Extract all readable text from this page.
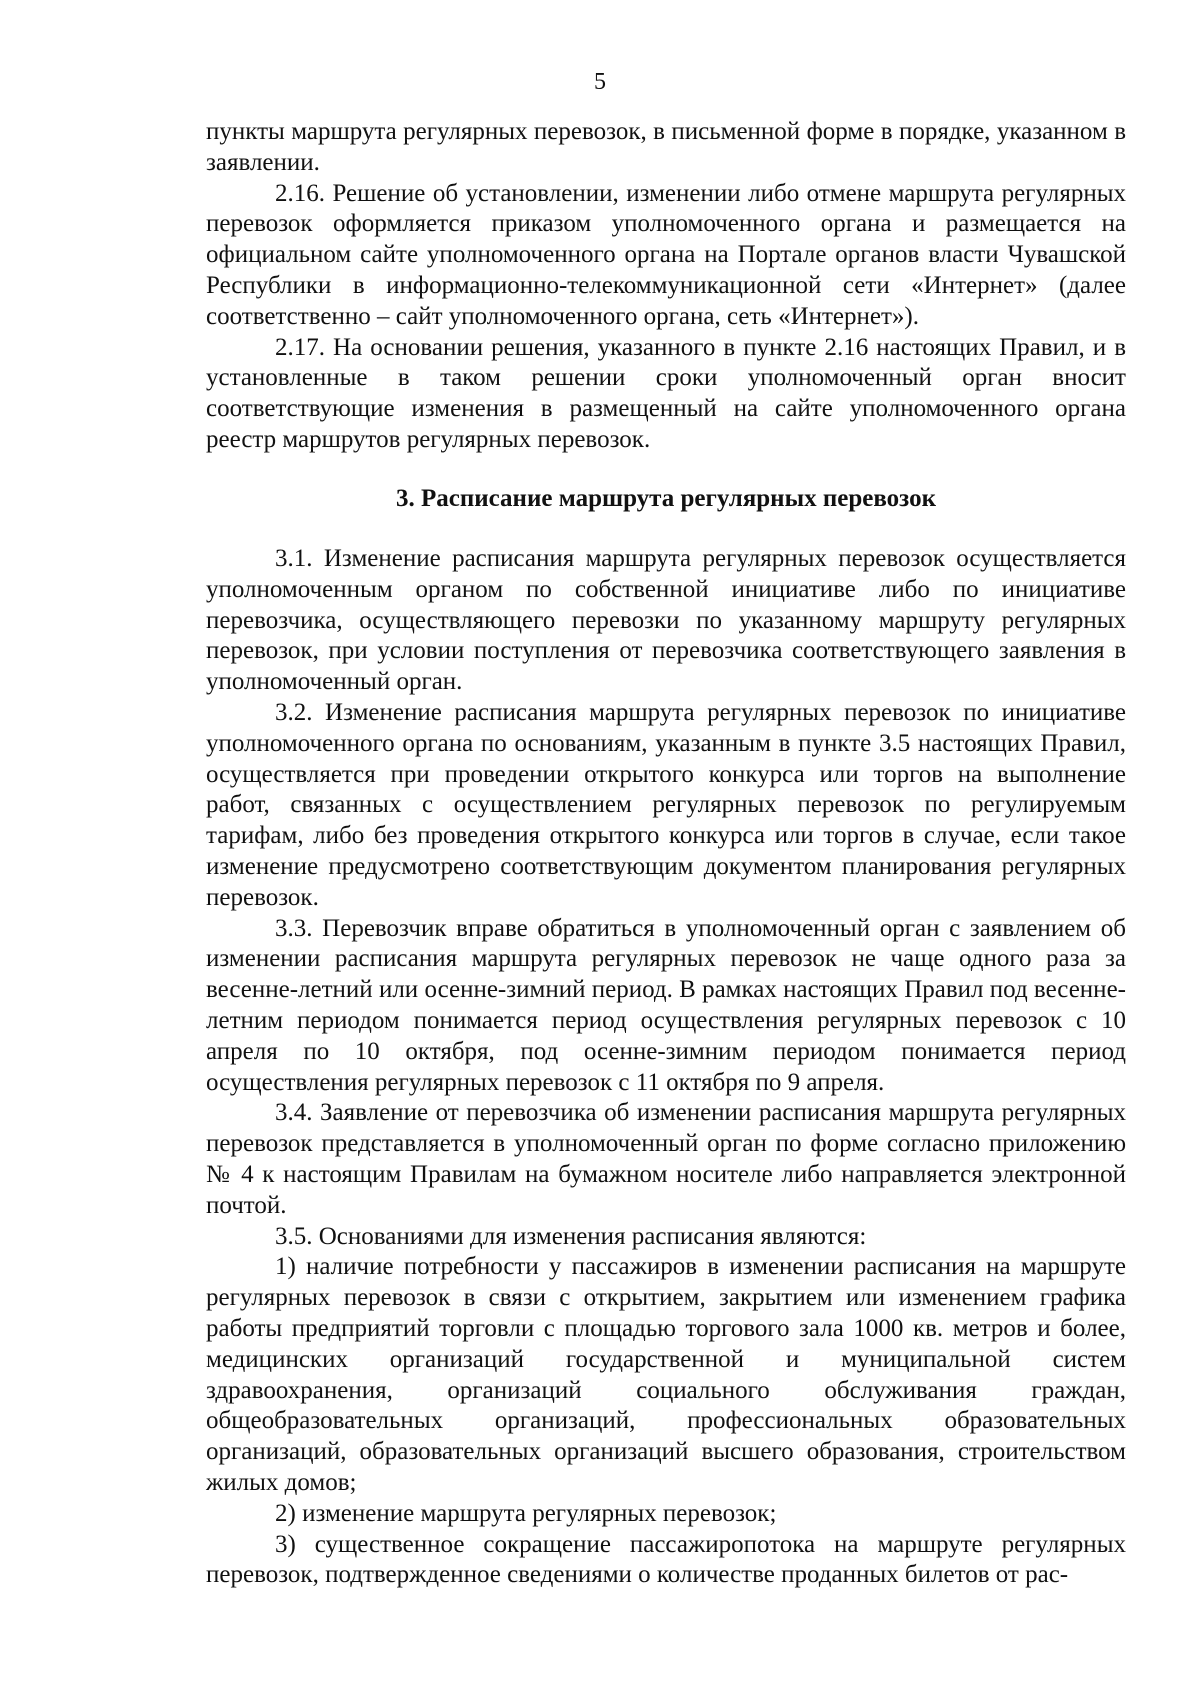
5

пункты маршрута регулярных перевозок, в письменной форме в порядке, указанном в заявлении.

2.16. Решение об установлении, изменении либо отмене маршрута регулярных перевозок оформляется приказом уполномоченного органа и размещается на официальном сайте уполномоченного органа на Портале органов власти Чувашской Республики в информационно-телекоммуникационной сети «Интернет» (далее соответственно – сайт уполномоченного органа, сеть «Интернет»).

2.17. На основании решения, указанного в пункте 2.16 настоящих Правил, и в установленные в таком решении сроки уполномоченный орган вносит соответствующие изменения в размещенный на сайте уполномоченного органа реестр маршрутов регулярных перевозок.

3. Расписание маршрута регулярных перевозок

3.1. Изменение расписания маршрута регулярных перевозок осуществляется уполномоченным органом по собственной инициативе либо по инициативе перевозчика, осуществляющего перевозки по указанному маршруту регулярных перевозок, при условии поступления от перевозчика соответствующего заявления в уполномоченный орган.

3.2. Изменение расписания маршрута регулярных перевозок по инициативе уполномоченного органа по основаниям, указанным в пункте 3.5 настоящих Правил, осуществляется при проведении открытого конкурса или торгов на выполнение работ, связанных с осуществлением регулярных перевозок по регулируемым тарифам, либо без проведения открытого конкурса или торгов в случае, если такое изменение предусмотрено соответствующим документом планирования регулярных перевозок.

3.3. Перевозчик вправе обратиться в уполномоченный орган с заявлением об изменении расписания маршрута регулярных перевозок не чаще одного раза за весенне-летний или осенне-зимний период. В рамках настоящих Правил под весенне-летним периодом понимается период осуществления регулярных перевозок с 10 апреля по 10 октября, под осенне-зимним периодом понимается период осуществления регулярных перевозок с 11 октября по 9 апреля.

3.4. Заявление от перевозчика об изменении расписания маршрута регулярных перевозок представляется в уполномоченный орган по форме согласно приложению № 4 к настоящим Правилам на бумажном носителе либо направляется электронной почтой.

3.5. Основаниями для изменения расписания являются:

1) наличие потребности у пассажиров в изменении расписания на маршруте регулярных перевозок в связи с открытием, закрытием или изменением графика работы предприятий торговли с площадью торгового зала 1000 кв. метров и более, медицинских организаций государственной и муниципальной систем здравоохранения, организаций социального обслуживания граждан, общеобразовательных организаций, профессиональных образовательных организаций, образовательных организаций высшего образования, строительством жилых домов;

2) изменение маршрута регулярных перевозок;

3) существенное сокращение пассажиропотока на маршруте регулярных перевозок, подтвержденное сведениями о количестве проданных билетов от рас-
